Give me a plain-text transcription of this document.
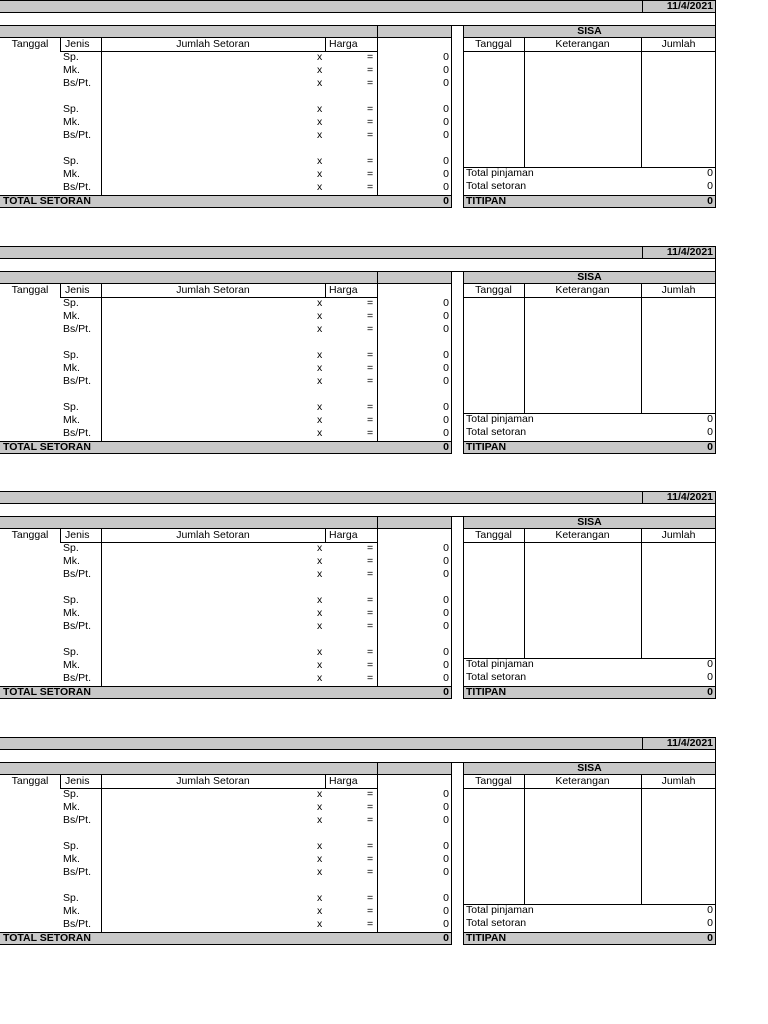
11/4/2021
Tanggal	Jenis	Jumlah Setoran	Harga
Sp.	x	=	0
Mk.	x	=	0
Bs/Pt.	x	=	0
Sp.	x	=	0
Mk.	x	=	0
Bs/Pt.	x	=	0
Sp.	x	=	0
Mk.	x	=	0
Bs/Pt.	x	=	0
TOTAL SETORAN	0
SISA
Tanggal	Keterangan	Jumlah
Total pinjaman	0
Total setoran	0
TITIPAN	0
11/4/2021
Tanggal	Jenis	Jumlah Setoran	Harga
Sp.	x	=	0
Mk.	x	=	0
Bs/Pt.	x	=	0
Sp.	x	=	0
Mk.	x	=	0
Bs/Pt.	x	=	0
Sp.	x	=	0
Mk.	x	=	0
Bs/Pt.	x	=	0
TOTAL SETORAN	0
SISA
Tanggal	Keterangan	Jumlah
Total pinjaman	0
Total setoran	0
TITIPAN	0
11/4/2021
Tanggal	Jenis	Jumlah Setoran	Harga
Sp.	x	=	0
Mk.	x	=	0
Bs/Pt.	x	=	0
Sp.	x	=	0
Mk.	x	=	0
Bs/Pt.	x	=	0
Sp.	x	=	0
Mk.	x	=	0
Bs/Pt.	x	=	0
TOTAL SETORAN	0
SISA
Tanggal	Keterangan	Jumlah
Total pinjaman	0
Total setoran	0
TITIPAN	0
11/4/2021
Tanggal	Jenis	Jumlah Setoran	Harga
Sp.	x	=	0
Mk.	x	=	0
Bs/Pt.	x	=	0
Sp.	x	=	0
Mk.	x	=	0
Bs/Pt.	x	=	0
Sp.	x	=	0
Mk.	x	=	0
Bs/Pt.	x	=	0
TOTAL SETORAN	0
SISA
Tanggal	Keterangan	Jumlah
Total pinjaman	0
Total setoran	0
TITIPAN	0
